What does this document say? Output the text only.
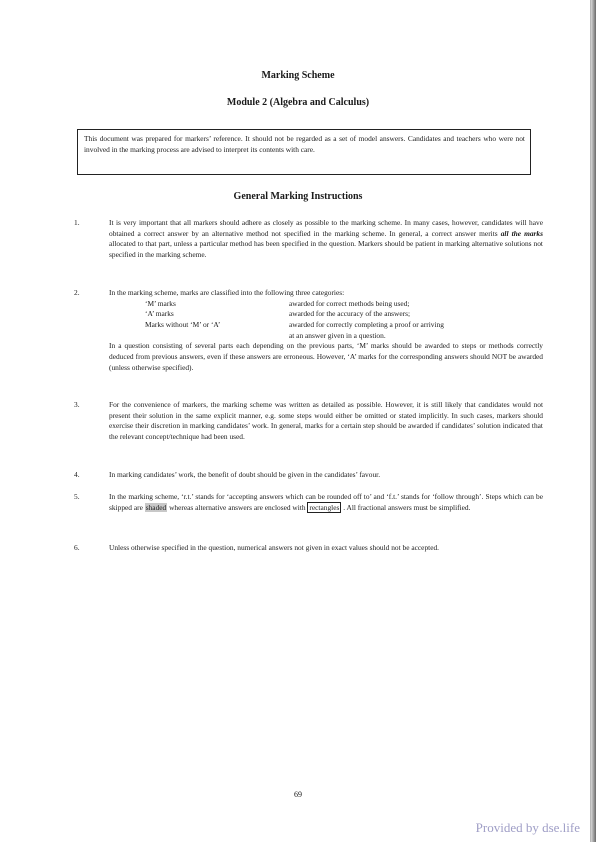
Marking Scheme
Module 2 (Algebra and Calculus)
This document was prepared for markers’ reference. It should not be regarded as a set of model answers. Candidates and teachers who were not involved in the marking process are advised to interpret its contents with care.
General Marking Instructions
1.	It is very important that all markers should adhere as closely as possible to the marking scheme. In many cases, however, candidates will have obtained a correct answer by an alternative method not specified in the marking scheme. In general, a correct answer merits all the marks allocated to that part, unless a particular method has been specified in the question. Markers should be patient in marking alternative solutions not specified in the marking scheme.
2.	In the marking scheme, marks are classified into the following three categories:

‘M’ marks	awarded for correct methods being used;
‘A’ marks	awarded for the accuracy of the answers;
Marks without ‘M’ or ‘A’	awarded for correctly completing a proof or arriving
at an answer given in a question.

In a question consisting of several parts each depending on the previous parts, ‘M’ marks should be awarded to steps or methods correctly deduced from previous answers, even if these answers are erroneous. However, ‘A’ marks for the corresponding answers should NOT be awarded (unless otherwise specified).

3.	For the convenience of markers, the marking scheme was written as detailed as possible. However, it is still likely that candidates would not present their solution in the same explicit manner, e.g. some steps would either be omitted or stated implicitly. In such cases, markers should exercise their discretion in marking candidates’ work. In general, marks for a certain step should be awarded if candidates’ solution indicated that the relevant concept/technique had been used.
4.	In marking candidates’ work, the benefit of doubt should be given in the candidates’ favour.
5.	In the marking scheme, ‘r.t.’ stands for ‘accepting answers which can be rounded off to’ and ‘f.t.’ stands for ‘follow through’. Steps which can be skipped are shaded whereas alternative answers are enclosed with rectangles . All fractional answers must be simplified.
6.	Unless otherwise specified in the question, numerical answers not given in exact values should not be accepted.
69
Provided by dse.life
